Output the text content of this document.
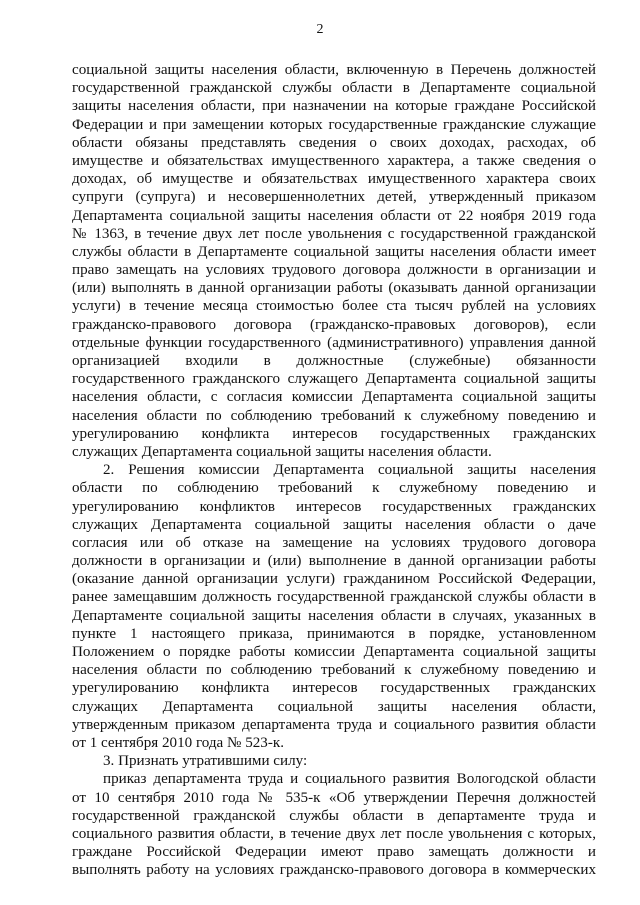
2
социальной защиты населения области, включенную в Перечень должностей
государственной гражданской службы области в Департаменте социальной
защиты населения области, при назначении на которые граждане Российской
Федерации и при замещении которых государственные гражданские служащие
области обязаны представлять сведения о своих доходах, расходах, об
имуществе и обязательствах имущественного характера, а также сведения о
доходах, об имуществе и обязательствах имущественного характера своих
супруги (супруга) и несовершеннолетних детей, утвержденный приказом
Департамента социальной защиты населения области от 22 ноября 2019 года
№ 1363, в течение двух лет после увольнения с государственной гражданской
службы области в Департаменте социальной защиты населения области имеет
право замещать на условиях трудового договора должности в организации и
(или) выполнять в данной организации работы (оказывать данной организации
услуги) в течение месяца стоимостью более ста тысяч рублей на условиях
гражданско-правового договора (гражданско-правовых договоров), если
отдельные функции государственного (административного) управления данной
организацией входили в должностные (служебные) обязанности
государственного гражданского служащего Департамента социальной защиты
населения области, с согласия комиссии Департамента социальной защиты
населения области по соблюдению требований к служебному поведению и
урегулированию конфликта интересов государственных гражданских
служащих Департамента социальной защиты населения области.
2. Решения комиссии Департамента социальной защиты населения
области по соблюдению требований к служебному поведению и
урегулированию конфликтов интересов государственных гражданских
служащих Департамента социальной защиты населения области о даче
согласия или об отказе на замещение на условиях трудового договора
должности в организации и (или) выполнение в данной организации работы
(оказание данной организации услуги) гражданином Российской Федерации,
ранее замещавшим должность государственной гражданской службы области в
Департаменте социальной защиты населения области в случаях, указанных в
пункте 1 настоящего приказа, принимаются в порядке, установленном
Положением о порядке работы комиссии Департамента социальной защиты
населения области по соблюдению требований к служебному поведению и
урегулированию конфликта интересов государственных гражданских
служащих Департамента социальной защиты населения области,
утвержденным приказом департамента труда и социального развития области
от 1 сентября 2010 года № 523-к.
3. Признать утратившими силу:
приказ департамента труда и социального развития Вологодской области
от 10 сентября 2010 года № 535-к «Об утверждении Перечня должностей
государственной гражданской службы области в департаменте труда и
социального развития области, в течение двух лет после увольнения с которых,
граждане Российской Федерации имеют право замещать должности и
выполнять работу на условиях гражданско-правового договора в коммерческих
